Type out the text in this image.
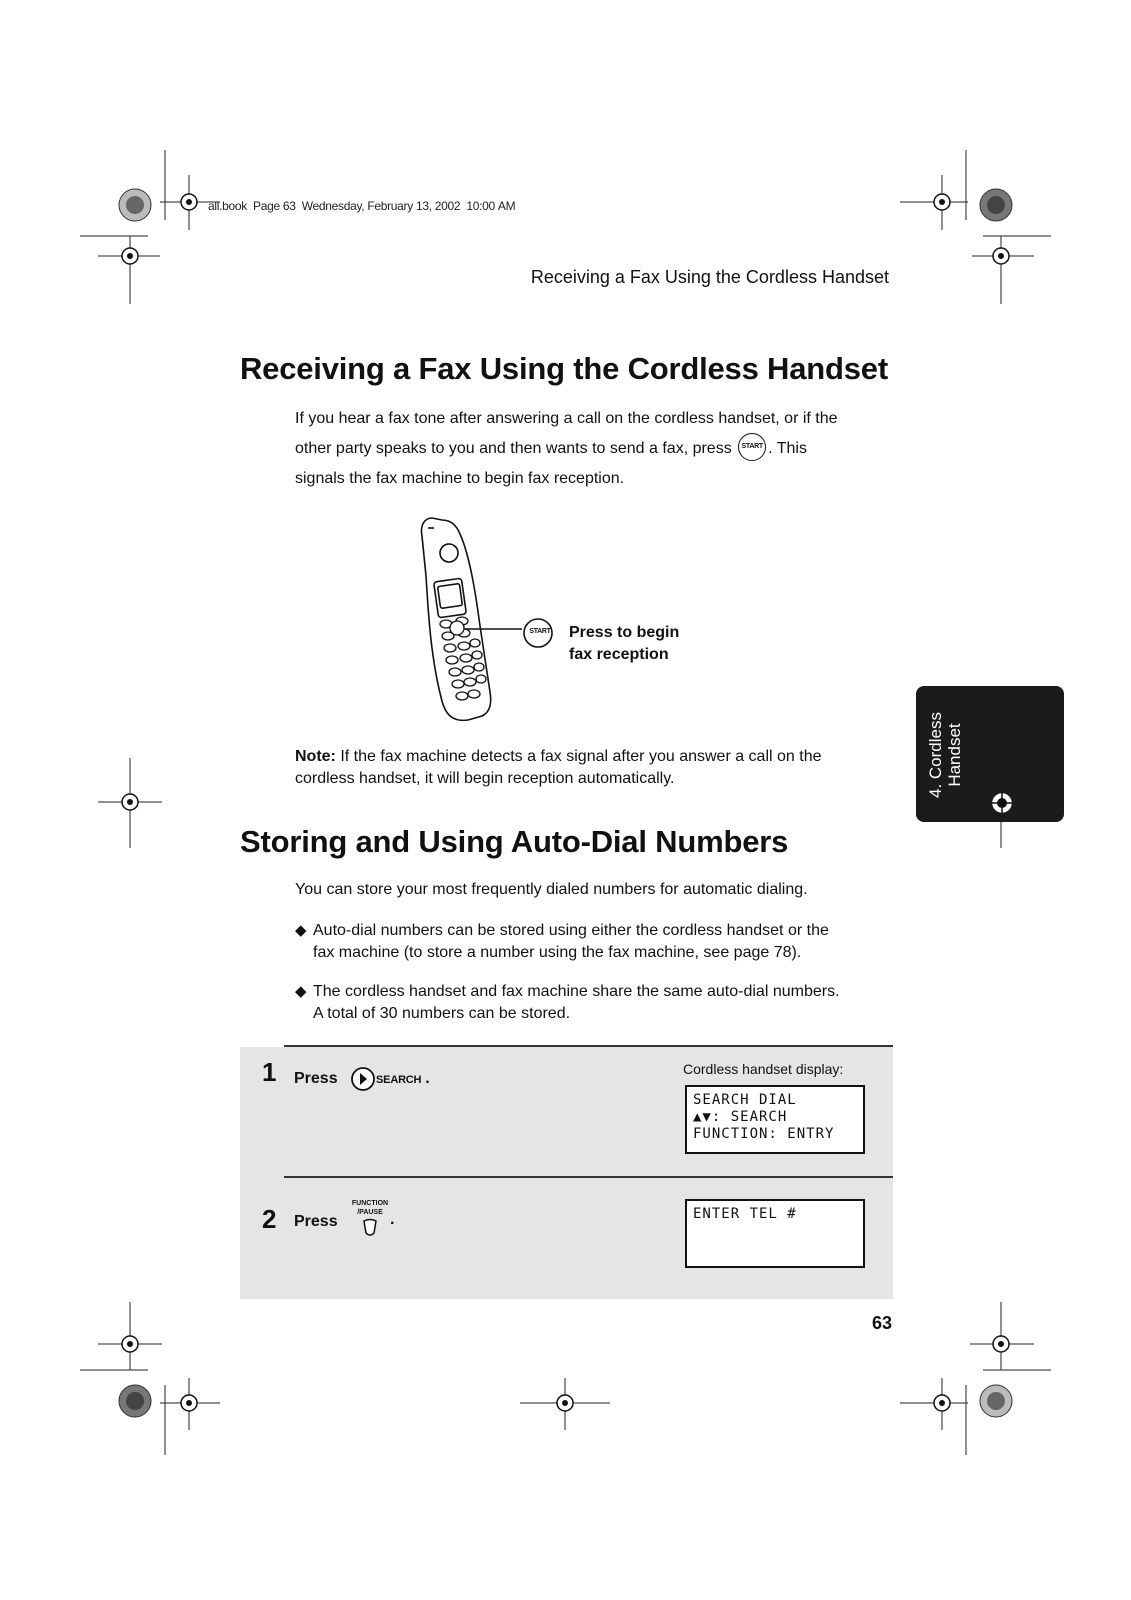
all.book  Page 63  Wednesday, February 13, 2002  10:00 AM
Receiving a Fax Using the Cordless Handset
Receiving a Fax Using the Cordless Handset
If you hear a fax tone after answering a call on the cordless handset, or if the
other party speaks to you and then wants to send a fax, press START . This
signals the fax machine to begin fax reception.
START Press to begin
fax reception
Note: If the fax machine detects a fax signal after you answer a call on the
cordless handset, it will begin reception automatically.
Storing and Using Auto-Dial Numbers
You can store your most frequently dialed numbers for automatic dialing.
◆ Auto-dial numbers can be stored using either the cordless handset or the
fax machine (to store a number using the fax machine, see page 78).
◆ The cordless handset and fax machine share the same auto-dial numbers.
A total of 30 numbers can be stored.
1 Press	SEARCH .
Cordless handset display:
SEARCH DIAL
▲▼: SEARCH
FUNCTION: ENTRY
2 Press
FUNCTION
/PAUSE .	ENTER TEL #
4. Cordless Handset
63
